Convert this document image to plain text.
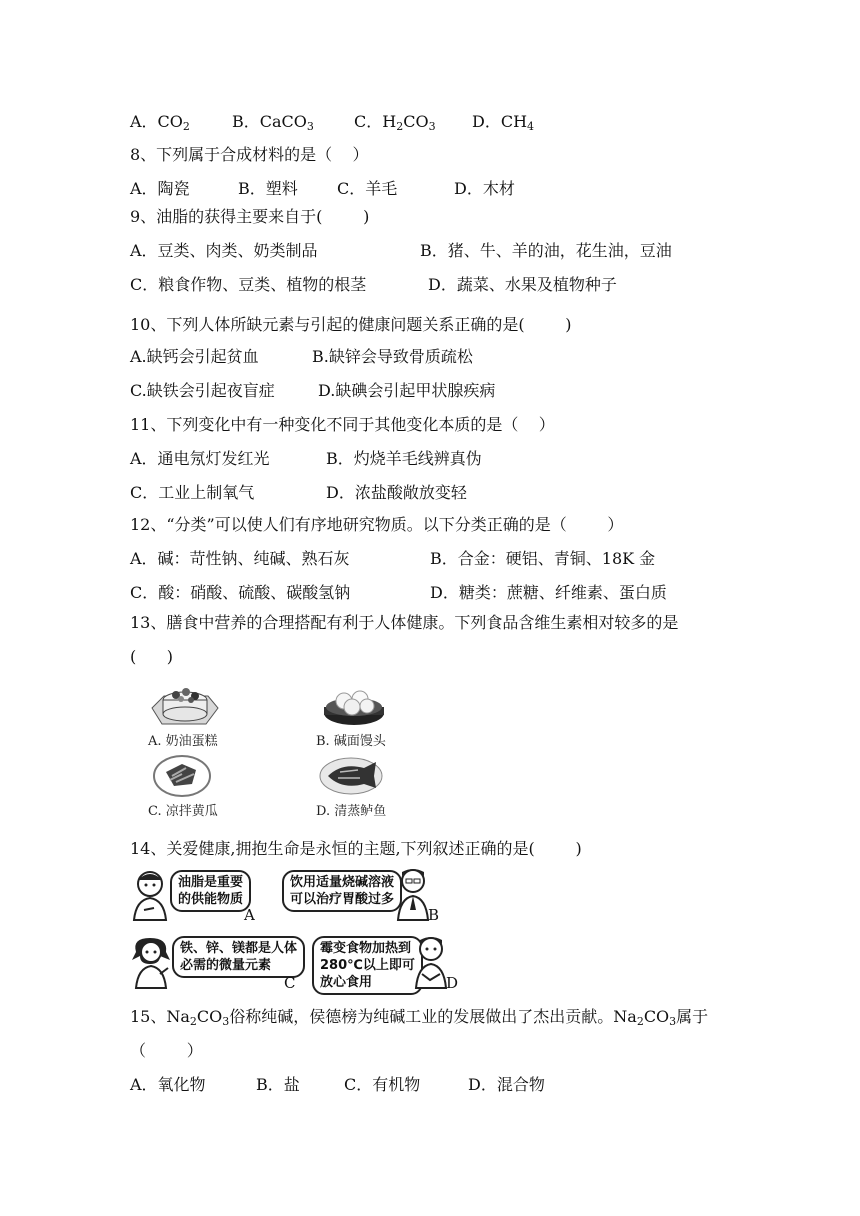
A．$CO_2$	B．CaCO$_3$	C．$H_2CO_3$ D．$CH_4$
8、下列属于合成材料的是（    ）
A．陶瓷	B．塑料 C．羊毛	D．木材
9、油脂的获得主要来自于(        )
A．豆类、肉类、奶类制品	B．猪、牛、羊的油，花生油，豆油
C．粮食作物、豆类、植物的根茎	D．蔬菜、水果及植物种子
10、下列人体所缺元素与引起的健康问题关系正确的是(        )
A.缺钙会引起贫血	B.缺锌会导致骨质疏松
C.缺铁会引起夜盲症	D.缺碘会引起甲状腺疾病
11、下列变化中有一种变化不同于其他变化本质的是（    ）
A．通电氖灯发红光	B．灼烧羊毛线辨真伪
C．工业上制氧气	D．浓盐酸敞放变轻
12、“分类”可以使人们有序地研究物质。以下分类正确的是（        ）
A．碱：苛性钠、纯碱、熟石灰	B．合金：硬铝、青铜、18K 金
C．酸：硝酸、硫酸、碳酸氢钠	D．糖类：蔗糖、纤维素、蛋白质
13、膳食中营养的合理搭配有利于人体健康。下列食品含维生素相对较多的是
(      )
A. 奶油蛋糕	B. 碱面馒头
C. 凉拌黄瓜	D. 清蒸鲈鱼
14、关爱健康,拥抱生命是永恒的主题,下列叙述正确的是(        )
油脂是重要
的供能物质
A
饮用适量烧碱溶液
可以治疗胃酸过多
B
铁、锌、镁都是人体
必需的微量元素
C
霉变食物加热到
280℃以上即可
放心食用	D
15、$Na_2CO_3$俗称纯碱，侯德榜为纯碱工业的发展做出了杰出贡献。$Na_2CO_3$属于
（        ）
A．氧化物	B．盐	C．有机物	D．混合物
